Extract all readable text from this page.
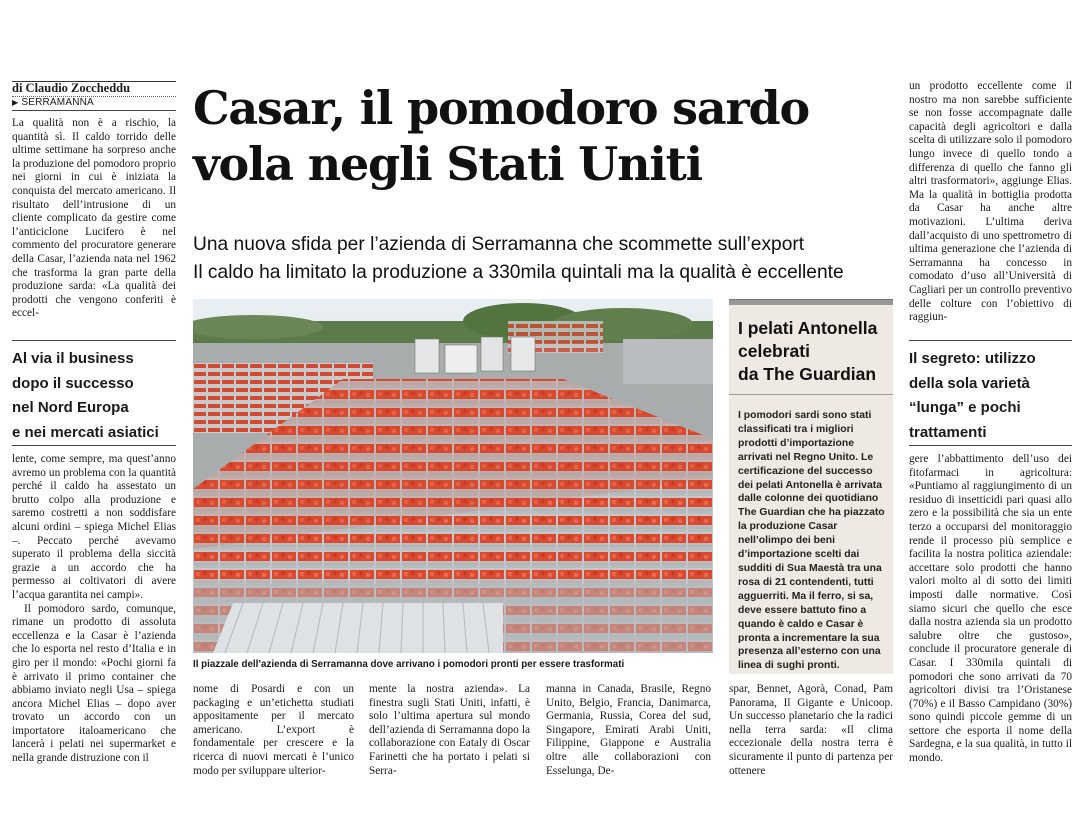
di Claudio Zoccheddu
▶ SERRAMANNA Casar, il pomodoro sardo
vola negli Stati Uniti
Una nuova sfida per l’azienda di Serramanna che scommette sull’export
Il caldo ha limitato la produzione a 330mila quintali ma la qualità è eccellente

La qualità non è a rischio, la quantità sì. Il caldo torrido delle ultime settimane ha sorpreso anche la produzione del pomodoro proprio nei giorni in cui è iniziata la conquista del mercato americano. Il risultato dell’intrusione di un cliente complicato da gestire come l’anticiclone Lucifero è nel commento del procuratore generare della Casar, l’azienda nata nel 1962 che trasforma la gran parte della produzione sarda: «La qualità dei prodotti che vengono conferiti è eccel-

Al via il business
dopo il successo
nel Nord Europa
e nei mercati asiatici

lente, come sempre, ma quest’anno avremo un problema con la quantità perché il caldo ha assestato un brutto colpo alla produzione e saremo costretti a non soddisfare alcuni ordini – spiega Michel Elias –. Peccato perché avevamo superato il problema della siccità grazie a un accordo che ha permesso ai coltivatori di avere l’acqua garantita nei campi».

Il pomodoro sardo, comunque, rimane un prodotto di assoluta eccellenza e la Casar è l’azienda che lo esporta nel resto d’Italia e in giro per il mondo: «Pochi giorni fa è arrivato il primo container che abbiamo inviato negli Usa – spiega ancora Michel Elias – dopo aver trovato un accordo con un importatore italoamericano che lancerà i pelati nei supermarket e nella grande distruzione con il

Il piazzale dell’azienda di Serramanna dove arrivano i pomodori pronti per essere trasformati

nome di Posardi e con un packaging e un’etichetta studiati appositamente per il mercato americano. L’export è fondamentale per crescere e la ricerca di nuovi mercati è l’unico modo per sviluppare ulterior-

mente la nostra azienda». La finestra sugli Stati Uniti, infatti, è solo l’ultima apertura sul mondo dell’azienda di Serramanna dopo la collaborazione con Eataly di Oscar Farinetti che ha portato i pelati si Serra-

manna in Canada, Brasile, Regno Unito, Belgio, Francia, Danimarca, Germania, Russia, Corea del sud, Singapore, Emirati Arabi Uniti, Filippine, Giappone e Australia oltre alle collaborazioni con Esselunga, De-

spar, Bennet, Agorà, Conad, Pam Panorama, Il Gigante e Unicoop. Un successo planetario che la radici nella terra sarda: «Il clima eccezionale della nostra terra è sicuramente il punto di partenza per ottenere

I pelati Antonella
celebrati
da The Guardian
I pomodori sardi sono stati classificati tra i migliori prodotti d’importazione arrivati nel Regno Unito. Le certificazione del successo dei pelati Antonella è arrivata dalle colonne dei quotidiano The Guardian che ha piazzato la produzione Casar nell’olimpo dei beni d’importazione scelti dai sudditi di Sua Maestà tra una rosa di 21 contendenti, tutti agguerriti. Ma il ferro, si sa, deve essere battuto fino a quando è caldo e Casar è pronta a incrementare la sua presenza all’esterno con una linea di sughi pronti.

un prodotto eccellente come il nostro ma non sarebbe sufficiente se non fosse accompagnate dalle capacità degli agricoltori e dalla scelta di utilizzare solo il pomodoro lungo invece di quello tondo a differenza di quello che fanno gli altri trasformatori», aggiunge Elias. Ma la qualità in bottiglia prodotta da Casar ha anche altre motivazioni. L’ultima deriva dall’acquisto di uno spettrometro di ultima generazione che l’azienda di Serramanna ha concesso in comodato d’uso all’Università di Cagliari per un controllo preventivo delle colture con l’obiettivo di raggiun-

Il segreto: utilizzo
della sola varietà
“lunga” e pochi
trattamenti

gere l’abbattimento dell’uso dei fitofarmaci in agricoltura: «Puntiamo al raggiungimento di un residuo di insetticidi pari quasi allo zero e la possibilità che sia un ente terzo a occuparsi del monitoraggio rende il processo più semplice e facilita la nostra politica aziendale: accettare solo prodotti che hanno valori molto al di sotto dei limiti imposti dalle normative. Così siamo sicuri che quello che esce dalla nostra azienda sia un prodotto salubre oltre che gustoso», conclude il procuratore generale di Casar. I 330mila quintali di pomodori che sono arrivati da 70 agricoltori divisi tra l’Oristanese (70%) e il Basso Campidano (30%) sono quindi piccole gemme di un settore che esporta il nome della Sardegna, e la sua qualità, in tutto il mondo.
